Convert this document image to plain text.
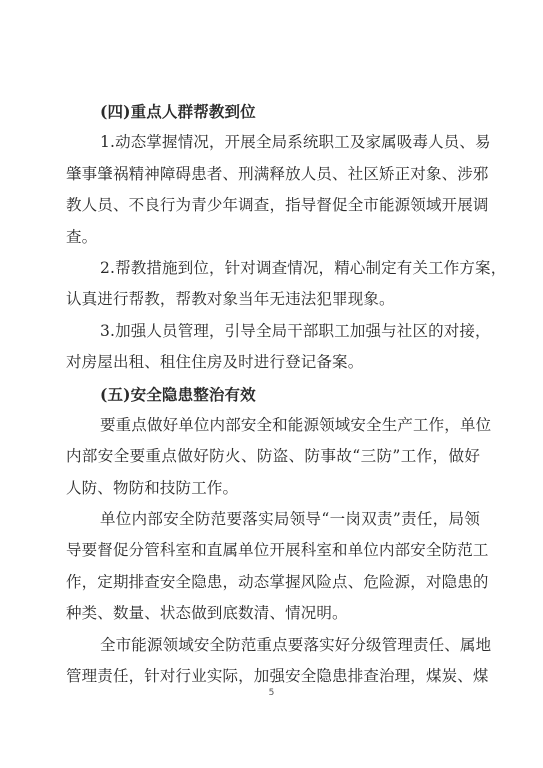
(四)重点人群帮教到位
1.动态掌握情况，开展全局系统职工及家属吸毒人员、易
肇事肇祸精神障碍患者、刑满释放人员、社区矫正对象、涉邪
教人员、不良行为青少年调查，指导督促全市能源领域开展调
查。
2.帮教措施到位，针对调查情况，精心制定有关工作方案，
认真进行帮教，帮教对象当年无违法犯罪现象。
3.加强人员管理，引导全局干部职工加强与社区的对接，
对房屋出租、租住住房及时进行登记备案。
(五)安全隐患整治有效
要重点做好单位内部安全和能源领域安全生产工作，单位
内部安全要重点做好防火、防盗、防事故“三防”工作，做好
人防、物防和技防工作。
单位内部安全防范要落实局领导“一岗双责”责任，局领
导要督促分管科室和直属单位开展科室和单位内部安全防范工
作，定期排查安全隐患，动态掌握风险点、危险源，对隐患的
种类、数量、状态做到底数清、情况明。
全市能源领域安全防范重点要落实好分级管理责任、属地
管理责任，针对行业实际，加强安全隐患排查治理，煤炭、煤
5
